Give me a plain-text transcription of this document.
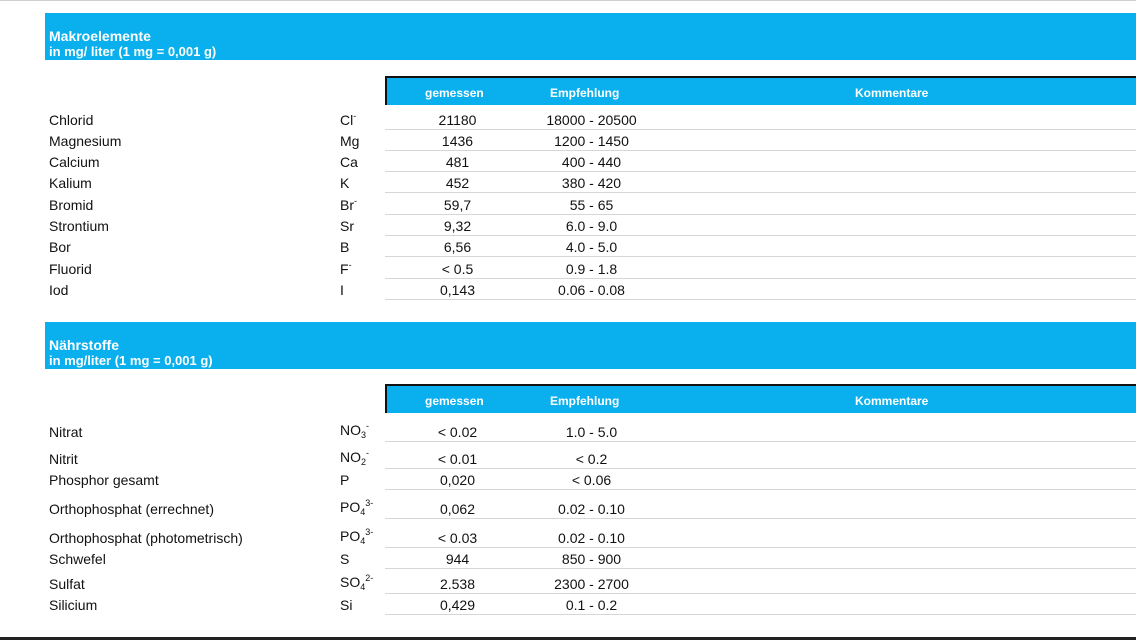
Makroelemente
in mg/ liter (1 mg = 0,001 g)
gemessen	Empfehlung	Kommentare
Chlorid	Cl-	21180	18000 - 20500
Magnesium	Mg	1436	1200 - 1450
Calcium	Ca	481	400 - 440
Kalium	K	452	380 - 420
Bromid	Br-	59,7	55 - 65
Strontium	Sr	9,32	6.0 - 9.0
Bor	B	6,56	4.0 - 5.0
Fluorid	F-	< 0.5	0.9 - 1.8
Iod	I	0,143	0.06 - 0.08
Nährstoffe
in mg/liter (1 mg = 0,001 g)
gemessen	Empfehlung	Kommentare
Nitrat	$NO_3^-$	< 0.02	1.0 - 5.0
Nitrit	$NO_2^-$	< 0.01	< 0.2
Phosphor gesamt	P	0,020	< 0.06
Orthophosphat (errechnet)	$PO_4^{3-}$	0,062	0.02 - 0.10
Orthophosphat (photometrisch)	$PO_4^{3-}$	< 0.03	0.02 - 0.10
Schwefel	S	944	850 - 900
Sulfat	$SO_4^{2-}$	2.538	2300 - 2700
Silicium	Si	0,429	0.1 - 0.2
